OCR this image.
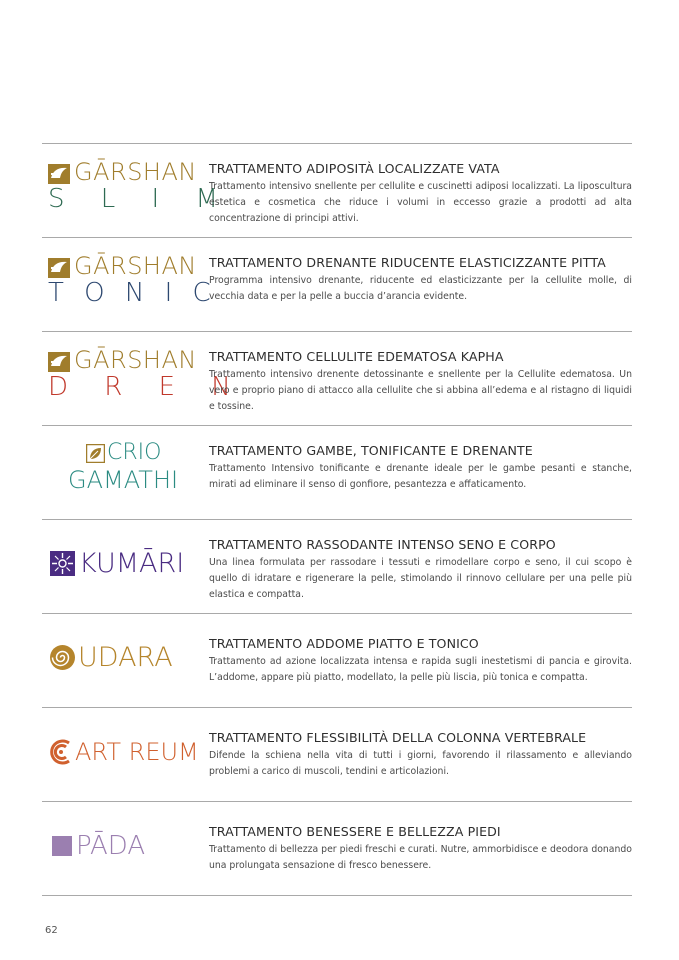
GĀRSHAN
S L I M
TRATTAMENTO ADIPOSITÀ LOCALIZZATE VATA

Trattamento intensivo snellente per cellulite e cuscinetti adiposi localizzati. La liposcultura estetica e cosmetica che riduce i volumi in eccesso grazie a prodotti ad alta concentrazione di principi attivi.

GĀRSHAN
T O N I C
TRATTAMENTO DRENANTE RIDUCENTE ELASTICIZZANTE PITTA

Programma intensivo drenante, riducente ed elasticizzante per la cellulite molle, di vecchia data e per la pelle a buccia d’arancia evidente.

GĀRSHAN
D R E N
TRATTAMENTO CELLULITE EDEMATOSA KAPHA

Trattamento intensivo drenente detossinante e snellente per la Cellulite edematosa. Un vero e proprio piano di attacco alla cellulite che si abbina all’edema e al ristagno di liquidi e tossine.

CRIO
GAMATHI
TRATTAMENTO GAMBE, TONIFICANTE E DRENANTE

Trattamento Intensivo tonificante e drenante ideale per le gambe pesanti e stanche, mirati ad eliminare il senso di gonfiore, pesantezza e affaticamento.

KUMĀRI
TRATTAMENTO RASSODANTE INTENSO SENO E CORPO

Una linea formulata per rassodare i tessuti e rimodellare corpo e seno, il cui scopo è quello di idratare e rigenerare la pelle, stimolando il rinnovo cellulare per una pelle più elastica e compatta.

UDARA	TRATTAMENTO ADDOME PIATTO E TONICO

Trattamento ad azione localizzata intensa e rapida sugli inestetismi di pancia e girovita. L’addome, appare più piatto, modellato, la pelle più liscia, più tonica e compatta.

ART REUM
TRATTAMENTO FLESSIBILITÀ DELLA COLONNA VERTEBRALE

Difende la schiena nella vita di tutti i giorni, favorendo il rilassamento e alleviando problemi a carico di muscoli, tendini e articolazioni.

PĀDA	TRATTAMENTO BENESSERE E BELLEZZA PIEDI

Trattamento di bellezza per piedi freschi e curati. Nutre, ammorbidisce e deodora donando una prolungata sensazione di fresco benessere.

62
